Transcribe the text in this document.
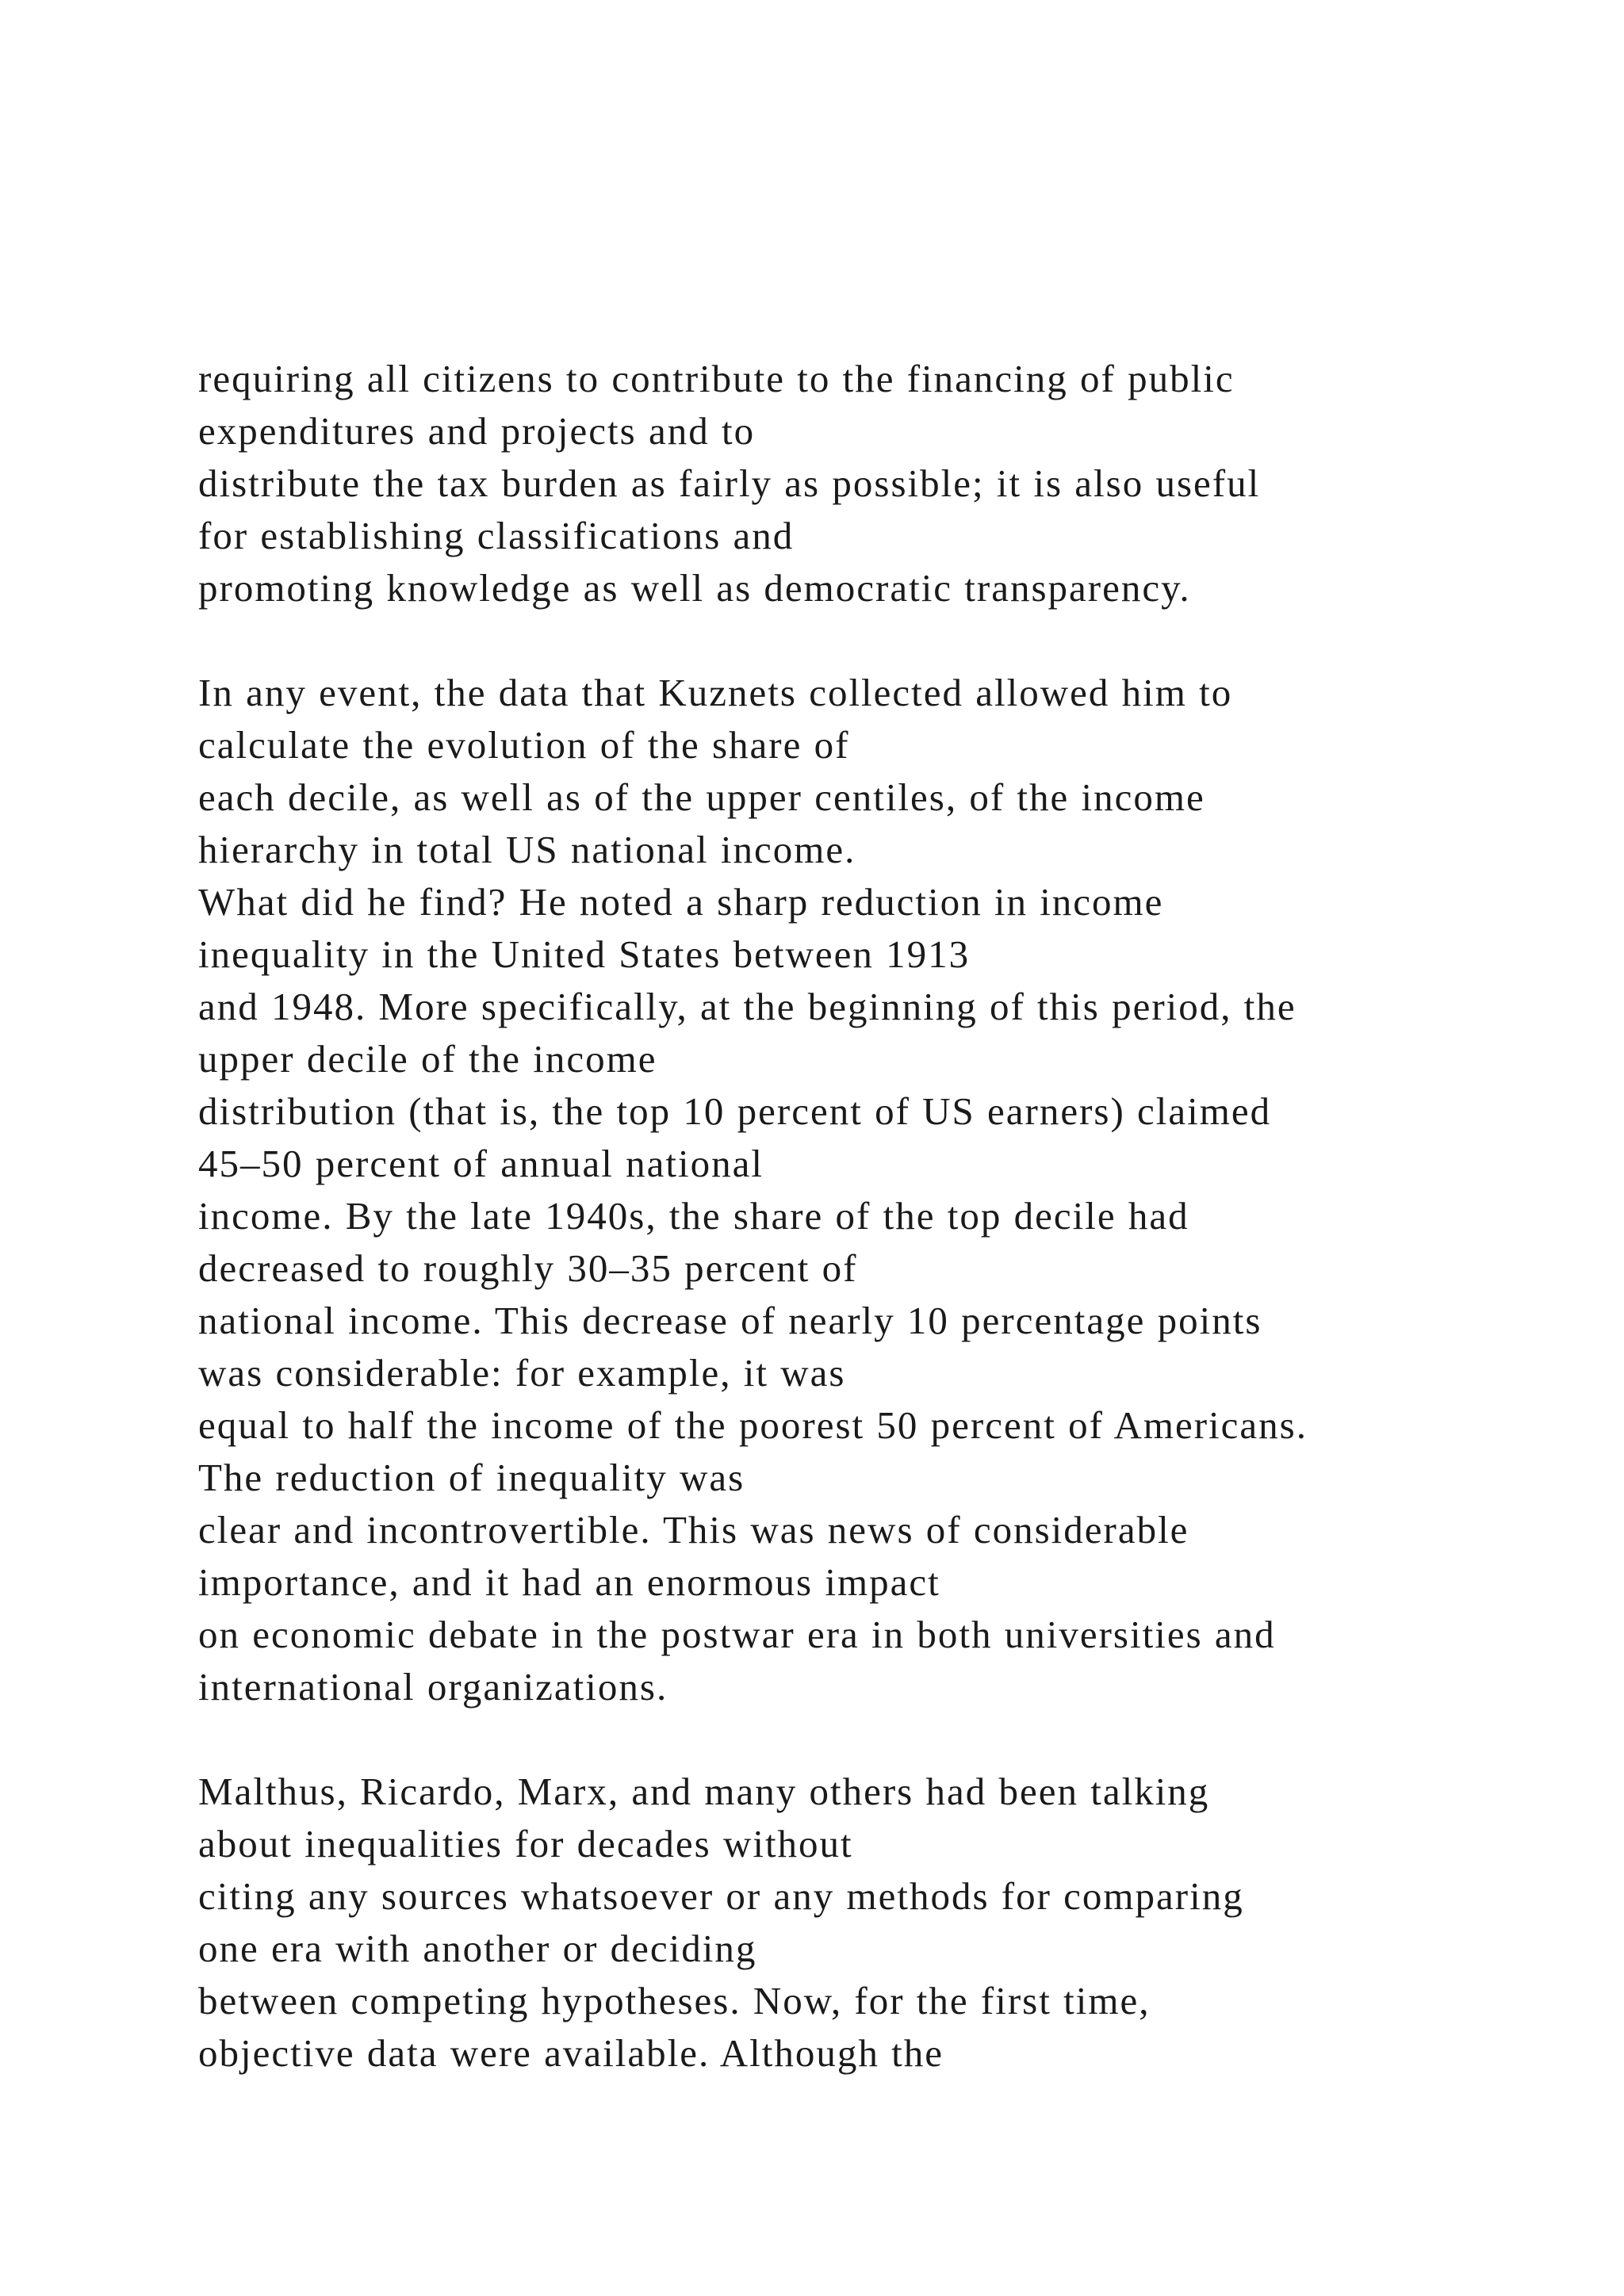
requiring all citizens to contribute to the financing of public
expenditures and projects and to
distribute the tax burden as fairly as possible; it is also useful
for establishing classifications and
promoting knowledge as well as democratic transparency.
In any event, the data that Kuznets collected allowed him to
calculate the evolution of the share of
each decile, as well as of the upper centiles, of the income
hierarchy in total US national income.
What did he find? He noted a sharp reduction in income
inequality in the United States between 1913
and 1948. More specifically, at the beginning of this period, the
upper decile of the income
distribution (that is, the top 10 percent of US earners) claimed
45–50 percent of annual national
income. By the late 1940s, the share of the top decile had
decreased to roughly 30–35 percent of
national income. This decrease of nearly 10 percentage points
was considerable: for example, it was
equal to half the income of the poorest 50 percent of Americans.
The reduction of inequality was
clear and incontrovertible. This was news of considerable
importance, and it had an enormous impact
on economic debate in the postwar era in both universities and
international organizations.
Malthus, Ricardo, Marx, and many others had been talking
about inequalities for decades without
citing any sources whatsoever or any methods for comparing
one era with another or deciding
between competing hypotheses. Now, for the first time,
objective data were available. Although the
